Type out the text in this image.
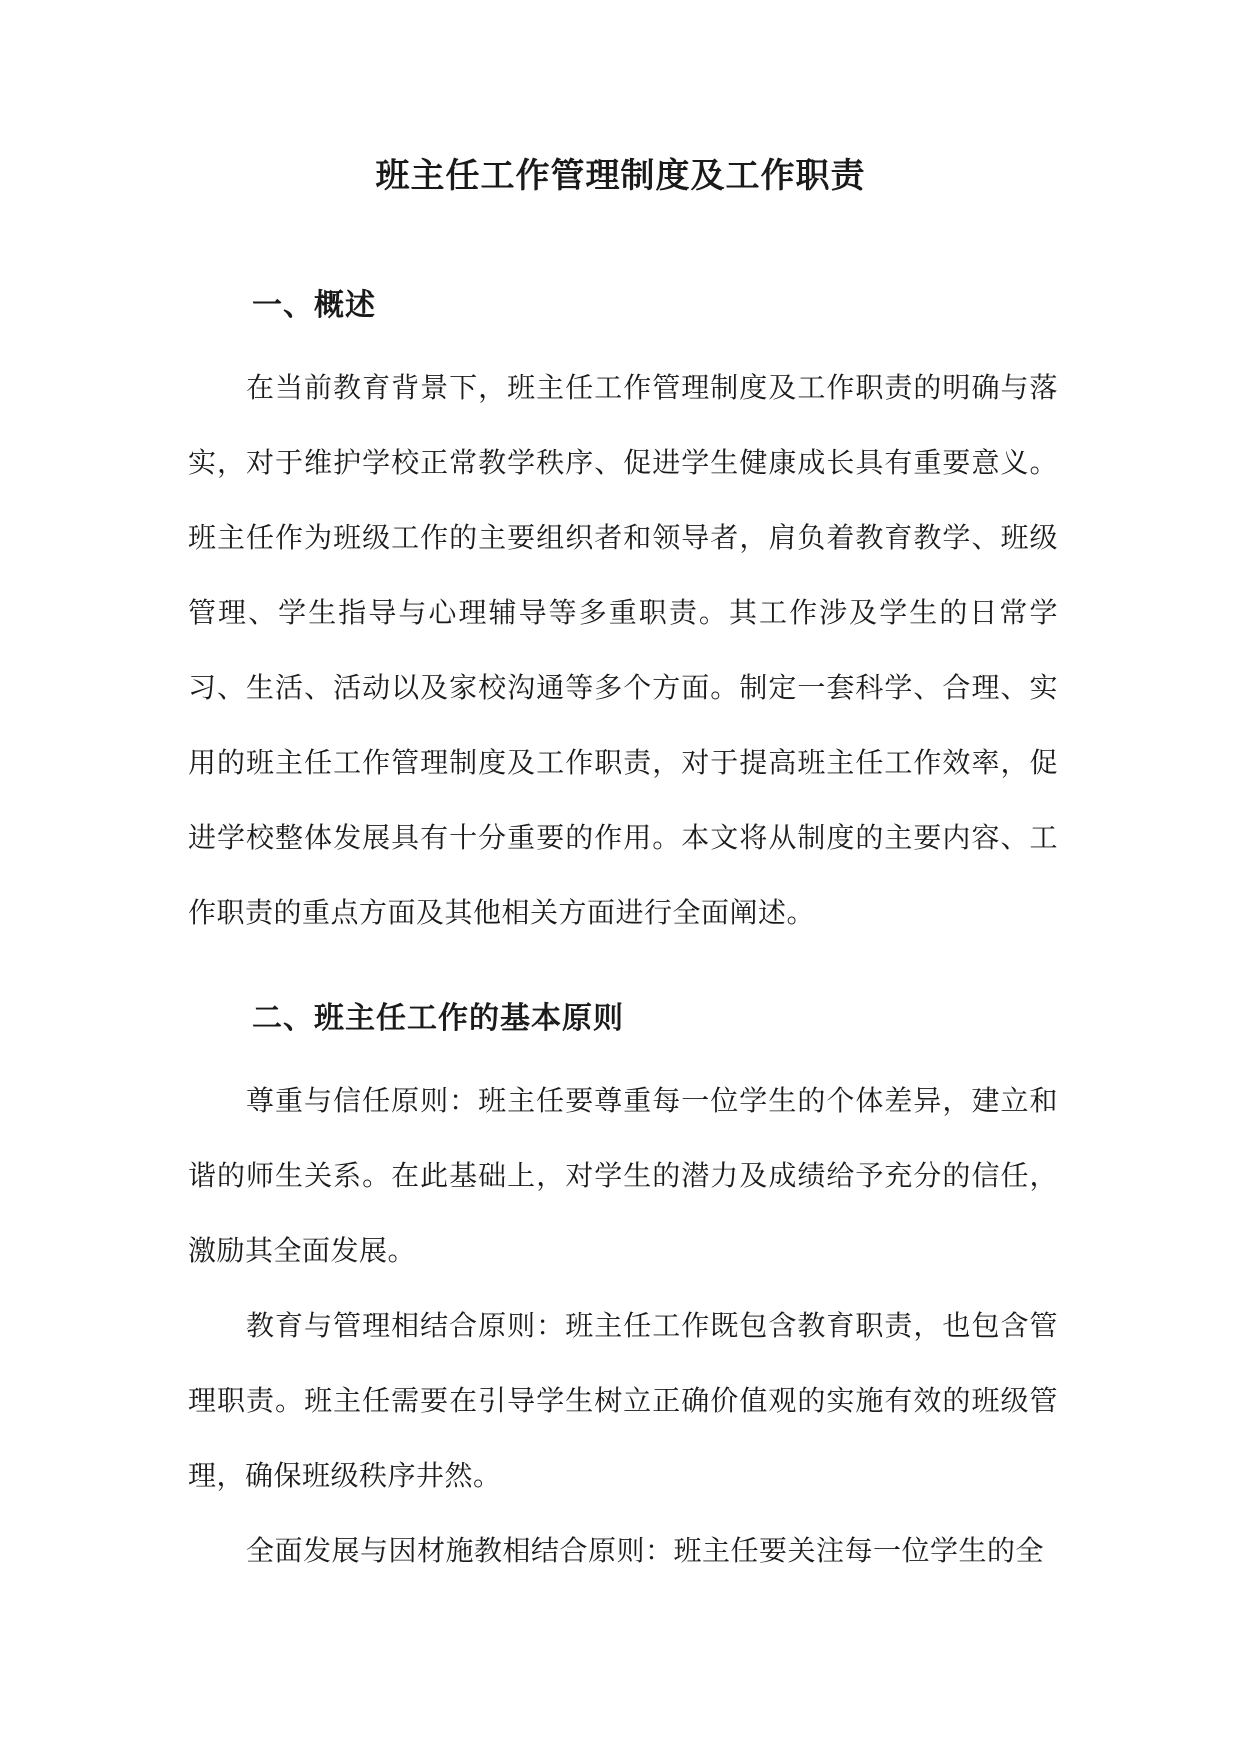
班主任工作管理制度及工作职责
一、概述

在当前教育背景下，班主任工作管理制度及工作职责的明确与落实，对于维护学校正常教学秩序、促进学生健康成长具有重要意义。班主任作为班级工作的主要组织者和领导者，肩负着教育教学、班级管理、学生指导与心理辅导等多重职责。其工作涉及学生的日常学习、生活、活动以及家校沟通等多个方面。制定一套科学、合理、实用的班主任工作管理制度及工作职责，对于提高班主任工作效率，促进学校整体发展具有十分重要的作用。本文将从制度的主要内容、工作职责的重点方面及其他相关方面进行全面阐述。

二、班主任工作的基本原则

尊重与信任原则：班主任要尊重每一位学生的个体差异，建立和谐的师生关系。在此基础上，对学生的潜力及成绩给予充分的信任，激励其全面发展。

教育与管理相结合原则：班主任工作既包含教育职责，也包含管理职责。班主任需要在引导学生树立正确价值观的实施有效的班级管理，确保班级秩序井然。

全面发展与因材施教相结合原则：班主任要关注每一位学生的全
